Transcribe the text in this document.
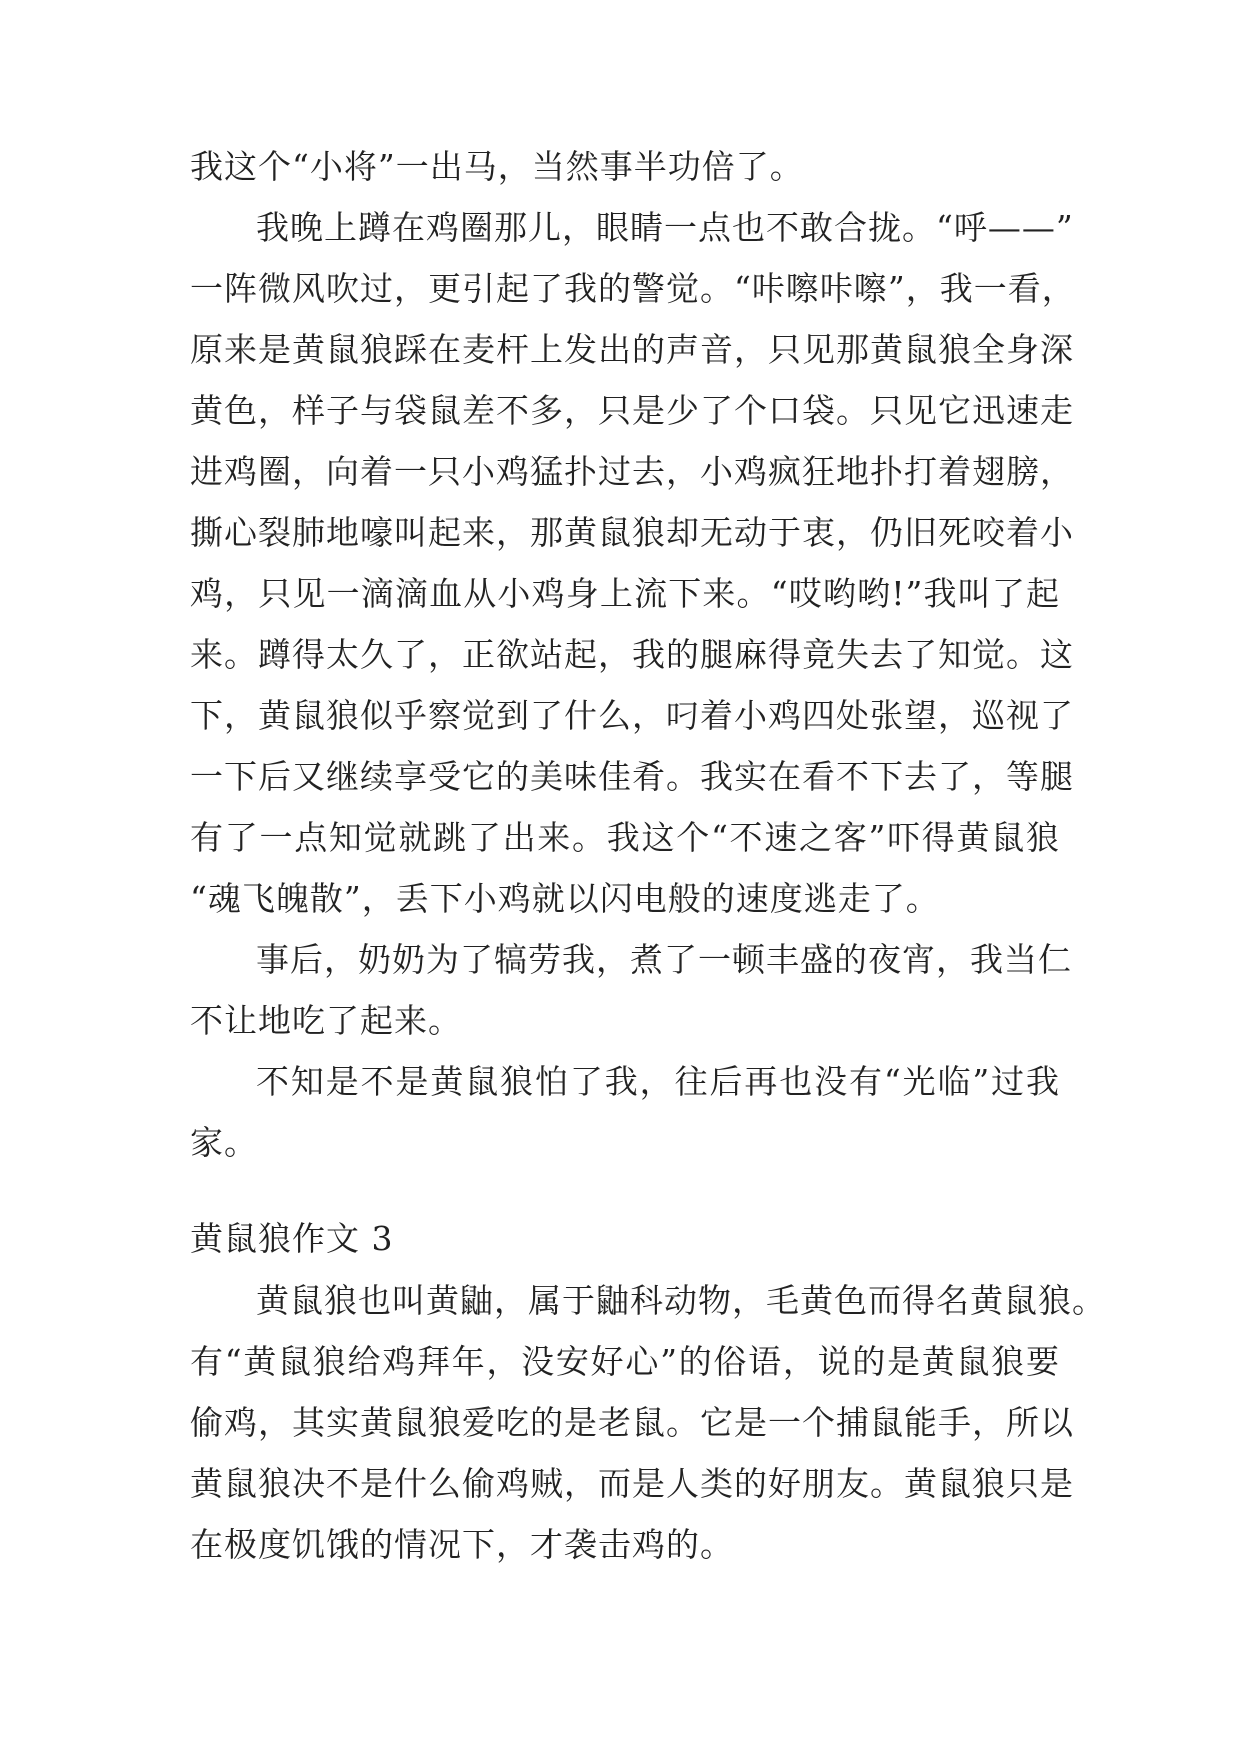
我这个“小将”一出马，当然事半功倍了。
我晚上蹲在鸡圈那儿，眼睛一点也不敢合拢。“呼——”
一阵微风吹过，更引起了我的警觉。“咔嚓咔嚓”，我一看，
原来是黄鼠狼踩在麦杆上发出的声音，只见那黄鼠狼全身深
黄色，样子与袋鼠差不多，只是少了个口袋。只见它迅速走
进鸡圈，向着一只小鸡猛扑过去，小鸡疯狂地扑打着翅膀，
撕心裂肺地嚎叫起来，那黄鼠狼却无动于衷，仍旧死咬着小
鸡，只见一滴滴血从小鸡身上流下来。“哎哟哟!”我叫了起
来。蹲得太久了，正欲站起，我的腿麻得竟失去了知觉。这
下，黄鼠狼似乎察觉到了什么，叼着小鸡四处张望，巡视了
一下后又继续享受它的美味佳肴。我实在看不下去了，等腿
有了一点知觉就跳了出来。我这个“不速之客”吓得黄鼠狼
“魂飞魄散”，丢下小鸡就以闪电般的速度逃走了。
事后，奶奶为了犒劳我，煮了一顿丰盛的夜宵，我当仁
不让地吃了起来。
不知是不是黄鼠狼怕了我，往后再也没有“光临”过我
家。
黄鼠狼作文 3
黄鼠狼也叫黄鼬，属于鼬科动物，毛黄色而得名黄鼠狼。
有“黄鼠狼给鸡拜年，没安好心”的俗语，说的是黄鼠狼要
偷鸡，其实黄鼠狼爱吃的是老鼠。它是一个捕鼠能手，所以
黄鼠狼决不是什么偷鸡贼，而是人类的好朋友。黄鼠狼只是
在极度饥饿的情况下，才袭击鸡的。
